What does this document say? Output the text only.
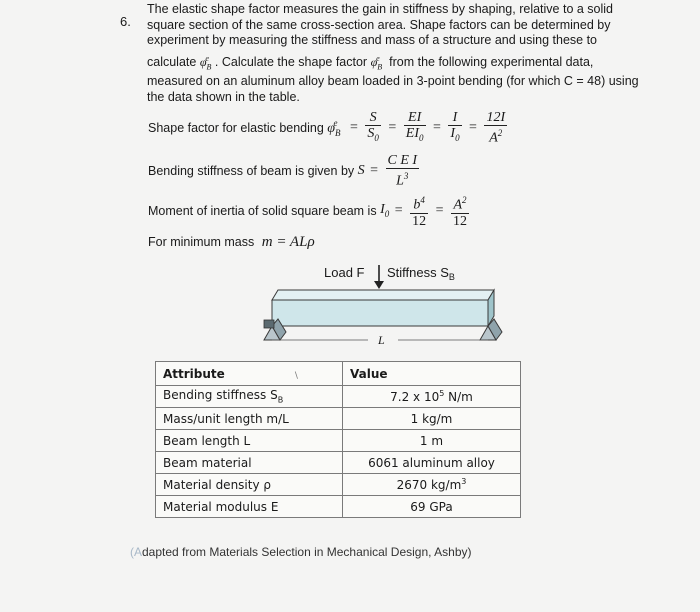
6.
The elastic shape factor measures the gain in stiffness by shaping, relative to a solid
square section of the same cross-section area. Shape factors can be determined by
experiment by measuring the stiffness and mass of a structure and using these to
calculate $\varphi_B^e$ . Calculate the shape factor $\varphi_B^e$ from the following experimental data,
measured on an aluminum alloy beam loaded in 3-point bending (for which C = 48) using
the data shown in the table.
Shape factor for elastic bending $\varphi_B^e = \frac{S}{S_0} = \frac{EI}{EI_0} = \frac{I}{I_0} = \frac{12I}{A^2}$
Bending stiffness of beam is given by $S = \frac{\text{C E I}}{L^3}$
Moment of inertia of solid square beam is $I_0 = \frac{b^4}{12} = \frac{A^2}{12}$
For minimum mass m = ALρ
Load F Stiffness $S_B$
L
Attribute \	Value
Bending stiffness $S_B$	7.2 x $10^5$ N/m
Mass/unit length m/L	1 kg/m
Beam length L	1 m
Beam material	6061 aluminum alloy
Material density ρ	2670 $kg/m^3$
Material modulus E	69 GPa
(Adapted from Materials Selection in Mechanical Design, Ashby)
